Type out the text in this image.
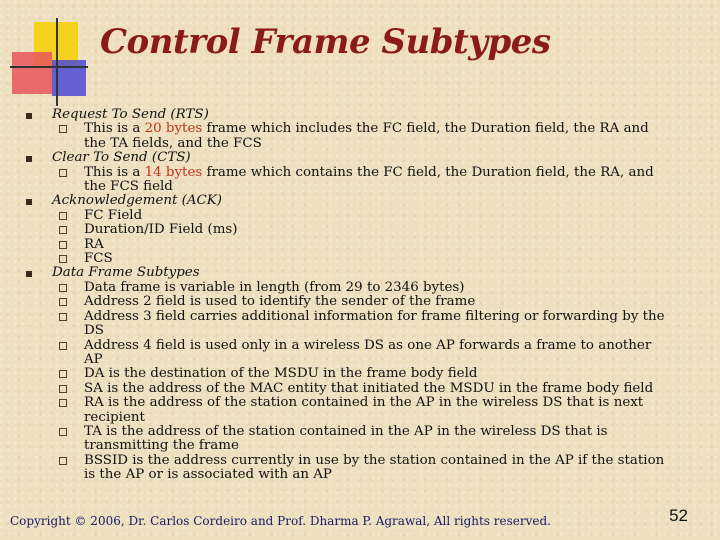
Control Frame Subtypes
Request To Send (RTS)
This is a 20 bytes frame which includes the FC field, the Duration field, the RA and the TA fields, and the FCS
Clear To Send (CTS)
This is a 14 bytes frame which contains the FC field, the Duration field, the RA, and the FCS field
Acknowledgement (ACK)
FC Field
Duration/ID Field (ms)
RA
FCS
Data Frame Subtypes
Data frame is variable in length (from 29 to 2346 bytes)
Address 2 field is used to identify the sender of the frame
Address 3 field carries additional information for frame filtering or forwarding by the DS
Address 4 field is used only in a wireless DS as one AP forwards a frame to another AP
DA is the destination of the MSDU in the frame body field
SA is the address of the MAC entity that initiated the MSDU in the frame body field
RA is the address of the station contained in the AP in the wireless DS that is next recipient
TA is the address of the station contained in the AP in the wireless DS that is transmitting the frame
BSSID is the address currently in use by the station contained in the AP if the station is the AP or is associated with an AP
Copyright © 2006, Dr. Carlos Cordeiro and Prof. Dharma P. Agrawal, All rights reserved.	52
